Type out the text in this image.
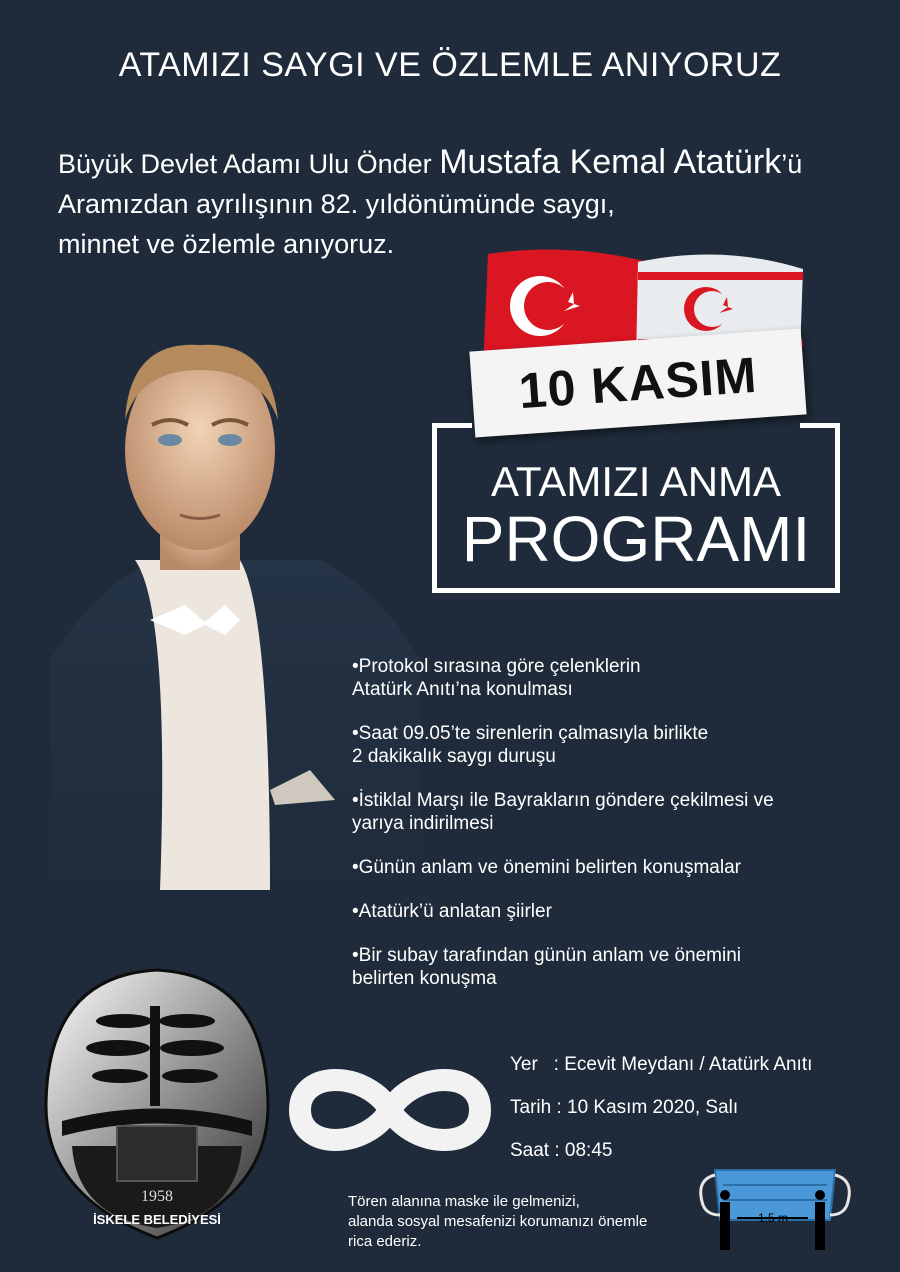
ATAMIZI SAYGI VE ÖZLEMLE ANIYORUZ
Büyük Devlet Adamı Ulu Önder Mustafa Kemal Atatürk’ü
Aramızdan ayrılışının 82. yıldönümünde saygı,
minnet ve özlemle anıyoruz.
10 KASIM
ATAMIZI ANMA
PROGRAMI
•Protokol sırasına göre çelenklerin
Atatürk Anıtı’na konulması
•Saat 09.05’te sirenlerin çalmasıyla birlikte
2 dakikalık saygı duruşu
•İstiklal Marşı ile Bayrakların göndere çekilmesi ve
yarıya indirilmesi
•Günün anlam ve önemini belirten konuşmalar
•Atatürk’ü anlatan şiirler
•Bir subay tarafından günün anlam ve önemini
belirten konuşma
1958
İSKELE BELEDİYESİ
Yer   : Ecevit Meydanı / Atatürk Anıtı
Tarih : 10 Kasım 2020, Salı
Saat : 08:45
Tören alanına maske ile gelmenizi,
alanda sosyal mesafenizi korumanızı önemle
rica ederiz.
1.5 m
